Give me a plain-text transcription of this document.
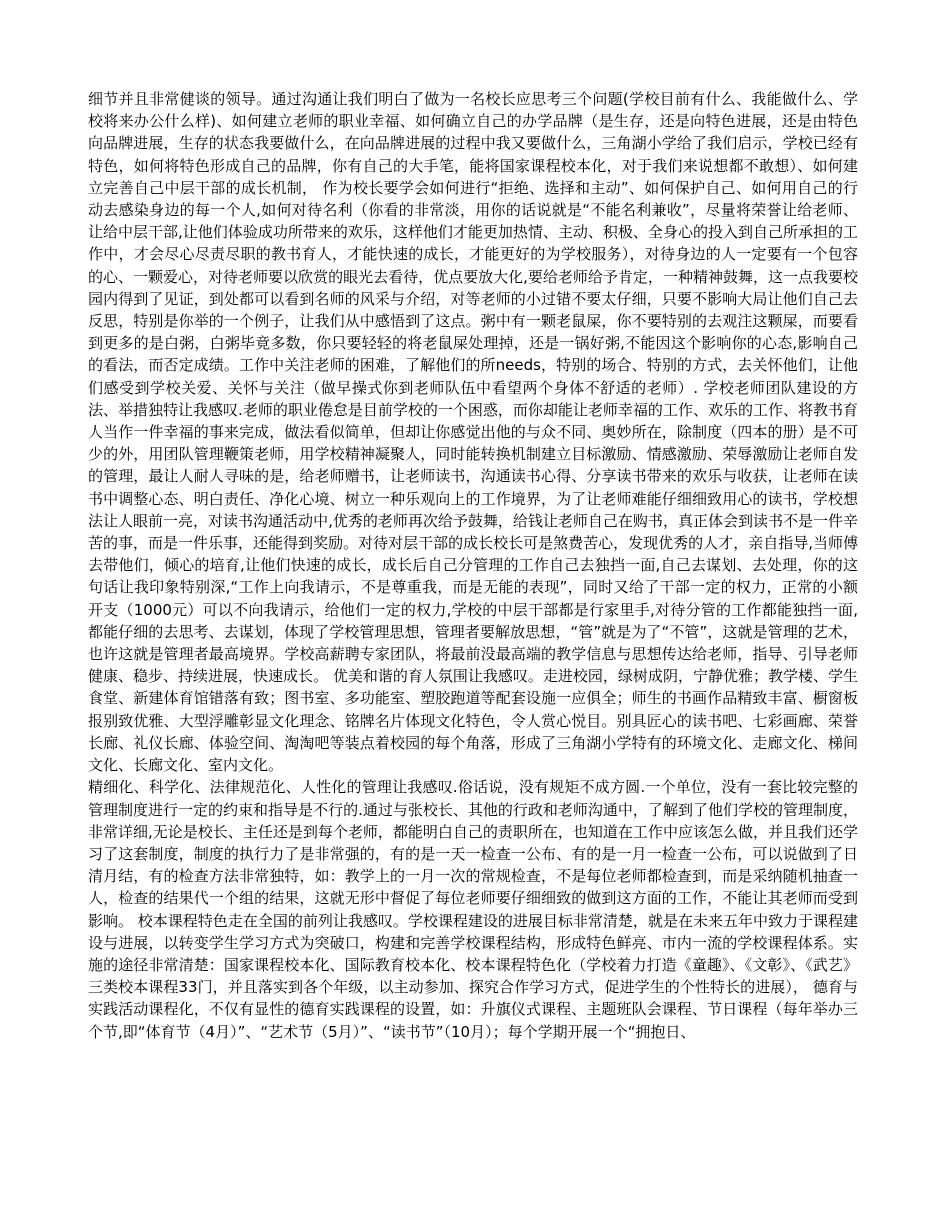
细节并且非常健谈的领导。通过沟通让我们明白了做为一名校长应思考三个问题(学校目前有什么、我能做什么、学校将来办公什么样)、如何建立老师的职业幸福、如何确立自己的办学品牌（是生存，还是向特色进展，还是由特色向品牌进展，生存的状态我要做什么，在向品牌进展的过程中我又要做什么，三角湖小学给了我们启示，学校已经有特色，如何将特色形成自己的品牌，你有自己的大手笔，能将国家课程校本化，对于我们来说想都不敢想）、如何建立完善自己中层干部的成长机制， 作为校长要学会如何进行“拒绝、选择和主动”、如何保护自己、如何用自己的行动去感染身边的每一个人,如何对待名利（你看的非常淡，用你的话说就是“不能名利兼收”，尽量将荣誉让给老师、让给中层干部,让他们体验成功所带来的欢乐，这样他们才能更加热情、主动、积极、全身心的投入到自己所承担的工作中，才会尽心尽责尽职的教书育人，才能快速的成长，才能更好的为学校服务），对待身边的人一定要有一个包容的心、一颗爱心，对待老师要以欣赏的眼光去看待，优点要放大化,要给老师给予肯定，一种精神鼓舞，这一点我要校园内得到了见证，到处都可以看到名师的风采与介绍，对等老师的小过错不要太仔细，只要不影响大局让他们自己去反思，特别是你举的一个例子，让我们从中感悟到了这点。粥中有一颗老鼠屎，你不要特别的去观注这颗屎，而要看到更多的是白粥，白粥毕竟多数，你只要轻轻的将老鼠屎处理掉，还是一锅好粥,不能因这个影响你的心态,影响自己的看法，而否定成绩。工作中关注老师的困难，了解他们的所needs，特别的场合、特别的方式，去关怀他们，让他们感受到学校关爱、关怀与关注（做早操式你到老师队伍中看望两个身体不舒适的老师）. 学校老师团队建设的方法、举措独特让我感叹.老师的职业倦怠是目前学校的一个困惑，而你却能让老师幸福的工作、欢乐的工作、将教书育人当作一件幸福的事来完成，做法看似简单，但却让你感觉出他的与众不同、奥妙所在，除制度（四本的册）是不可少的外，用团队管理鞭策老师，用学校精神凝聚人，同时能转换机制建立目标激励、情感激励、荣辱激励让老师自发的管理，最让人耐人寻味的是，给老师赠书，让老师读书，沟通读书心得、分享读书带来的欢乐与收获，让老师在读书中调整心态、明白责任、净化心境、树立一种乐观向上的工作境界，为了让老师难能仔细细致用心的读书，学校想法让人眼前一亮，对读书沟通活动中,优秀的老师再次给予鼓舞，给钱让老师自己在购书，真正体会到读书不是一件辛苦的事，而是一件乐事，还能得到奖励。对待对层干部的成长校长可是煞费苦心，发现优秀的人才，亲自指导,当师傅去带他们，倾心的培育,让他们快速的成长，成长后自己分管理的工作自己去独挡一面,自己去谋划、去处理，你的这句话让我印象特别深,“工作上向我请示，不是尊重我，而是无能的表现”，同时又给了干部一定的权力，正常的小额开支（1000元）可以不向我请示，给他们一定的权力,学校的中层干部都是行家里手,对待分管的工作都能独挡一面,都能仔细的去思考、去谋划，体现了学校管理思想，管理者要解放思想，“管”就是为了“不管”，这就是管理的艺术，也许这就是管理者最高境界。学校高薪聘专家团队，将最前没最高端的教学信息与思想传达给老师，指导、引导老师健康、稳步、持续进展，快速成长。 优美和谐的育人氛围让我感叹。走进校园，绿树成阴，宁静优雅；教学楼、学生食堂、新建体育馆错落有致；图书室、多功能室、塑胶跑道等配套设施一应俱全；师生的书画作品精致丰富、橱窗板报别致优雅、大型浮雕彰显文化理念、铭牌名片体现文化特色，令人赏心悦目。别具匠心的读书吧、七彩画廊、荣誉长廊、礼仪长廊、体验空间、淘淘吧等装点着校园的每个角落，形成了三角湖小学特有的环境文化、走廊文化、梯间文化、长廊文化、室内文化。

精细化、科学化、法律规范化、人性化的管理让我感叹.俗话说，没有规矩不成方圆.一个单位，没有一套比较完整的管理制度进行一定的约束和指导是不行的.通过与张校长、其他的行政和老师沟通中，了解到了他们学校的管理制度，非常详细,无论是校长、主任还是到每个老师，都能明白自己的责职所在，也知道在工作中应该怎么做，并且我们还学习了这套制度，制度的执行力了是非常强的，有的是一天一检查一公布、有的是一月一检查一公布，可以说做到了日清月结，有的检查方法非常独特，如：教学上的一月一次的常规检查，不是每位老师都检查到，而是采纳随机抽查一人，检查的结果代一个组的结果，这就无形中督促了每位老师要仔细细致的做到这方面的工作，不能让其老师而受到影响。 校本课程特色走在全国的前列让我感叹。学校课程建设的进展目标非常清楚，就是在未来五年中致力于课程建设与进展，以转变学生学习方式为突破口，构建和完善学校课程结构，形成特色鲜亮、市内一流的学校课程体系。实施的途径非常清楚：国家课程校本化、国际教育校本化、校本课程特色化（学校着力打造《童趣》、《文彰》、《武艺》三类校本课程33门，并且落实到各个年级，以主动参加、探究合作学习方式，促进学生的个性特长的进展）， 德育与实践活动课程化，不仅有显性的德育实践课程的设置，如：升旗仪式课程、主题班队会课程、节日课程（每年举办三个节,即“体育节（4月）”、“艺术节（5月）”、“读书节”（10月）；每个学期开展一个“拥抱日、
